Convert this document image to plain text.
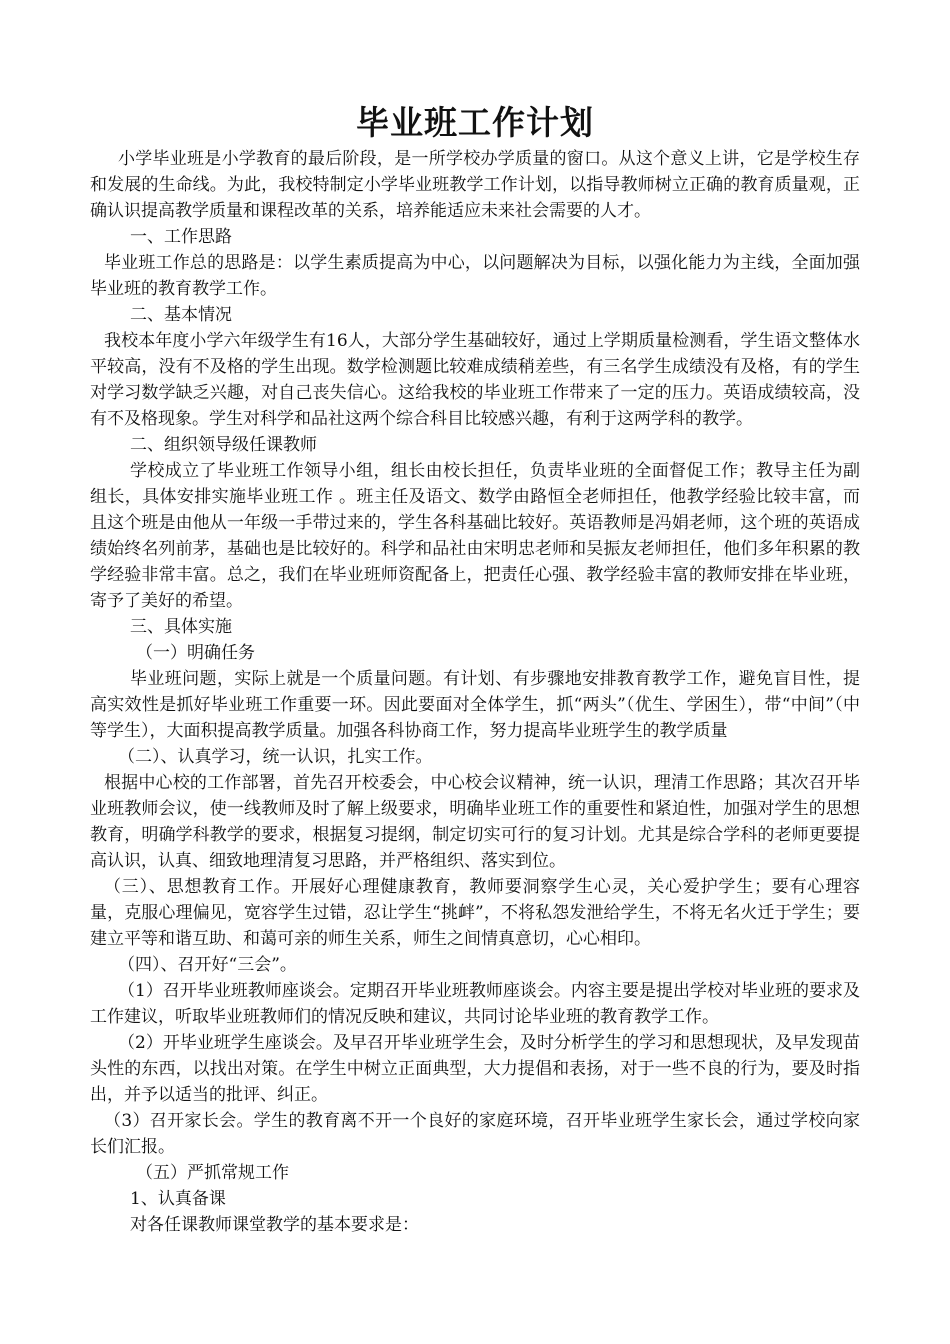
毕业班工作计划

小学毕业班是小学教育的最后阶段，是一所学校办学质量的窗口。从这个意义上讲，它是学校生存和发展的生命线。为此，我校特制定小学毕业班教学工作计划，以指导教师树立正确的教育质量观，正确认识提高教学质量和课程改革的关系，培养能适应未来社会需要的人才。

一、工作思路

毕业班工作总的思路是：以学生素质提高为中心，以问题解决为目标，以强化能力为主线，全面加强毕业班的教育教学工作。

二、基本情况

我校本年度小学六年级学生有16人，大部分学生基础较好，通过上学期质量检测看，学生语文整体水平较高，没有不及格的学生出现。数学检测题比较难成绩稍差些，有三名学生成绩没有及格，有的学生对学习数学缺乏兴趣，对自己丧失信心。这给我校的毕业班工作带来了一定的压力。英语成绩较高，没有不及格现象。学生对科学和品社这两个综合科目比较感兴趣，有利于这两学科的教学。

二、组织领导级任课教师

学校成立了毕业班工作领导小组，组长由校长担任，负责毕业班的全面督促工作；教导主任为副组长，具体安排实施毕业班工作 。班主任及语文、数学由路恒全老师担任，他教学经验比较丰富，而且这个班是由他从一年级一手带过来的，学生各科基础比较好。英语教师是冯娟老师，这个班的英语成绩始终名列前茅，基础也是比较好的。科学和品社由宋明忠老师和吴振友老师担任，他们多年积累的教学经验非常丰富。总之，我们在毕业班师资配备上，把责任心强、教学经验丰富的教师安排在毕业班，寄予了美好的希望。

三、具体实施

（一）明确任务

毕业班问题，实际上就是一个质量问题。有计划、有步骤地安排教育教学工作，避免盲目性，提高实效性是抓好毕业班工作重要一环。因此要面对全体学生，抓“两头”（优生、学困生），带“中间”（中等学生），大面积提高教学质量。加强各科协商工作，努力提高毕业班学生的教学质量

（二）、认真学习，统一认识，扎实工作。

根据中心校的工作部署，首先召开校委会，中心校会议精神，统一认识，理清工作思路；其次召开毕业班教师会议，使一线教师及时了解上级要求，明确毕业班工作的重要性和紧迫性，加强对学生的思想教育，明确学科教学的要求，根据复习提纲，制定切实可行的复习计划。尤其是综合学科的老师更要提高认识，认真、细致地理清复习思路，并严格组织、落实到位。

（三）、思想教育工作。开展好心理健康教育，教师要洞察学生心灵，关心爱护学生；要有心理容量，克服心理偏见，宽容学生过错，忍让学生“挑衅”，不将私怨发泄给学生，不将无名火迁于学生；要建立平等和谐互助、和蔼可亲的师生关系，师生之间情真意切，心心相印。

（四）、召开好“三会”。

（1）召开毕业班教师座谈会。定期召开毕业班教师座谈会。内容主要是提出学校对毕业班的要求及工作建议，听取毕业班教师们的情况反映和建议，共同讨论毕业班的教育教学工作。

（2）开毕业班学生座谈会。及早召开毕业班学生会，及时分析学生的学习和思想现状，及早发现苗头性的东西，以找出对策。在学生中树立正面典型，大力提倡和表扬，对于一些不良的行为，要及时指出，并予以适当的批评、纠正。

（3）召开家长会。学生的教育离不开一个良好的家庭环境，召开毕业班学生家长会，通过学校向家长们汇报。

（五）严抓常规工作

1、认真备课

对各任课教师课堂教学的基本要求是：
